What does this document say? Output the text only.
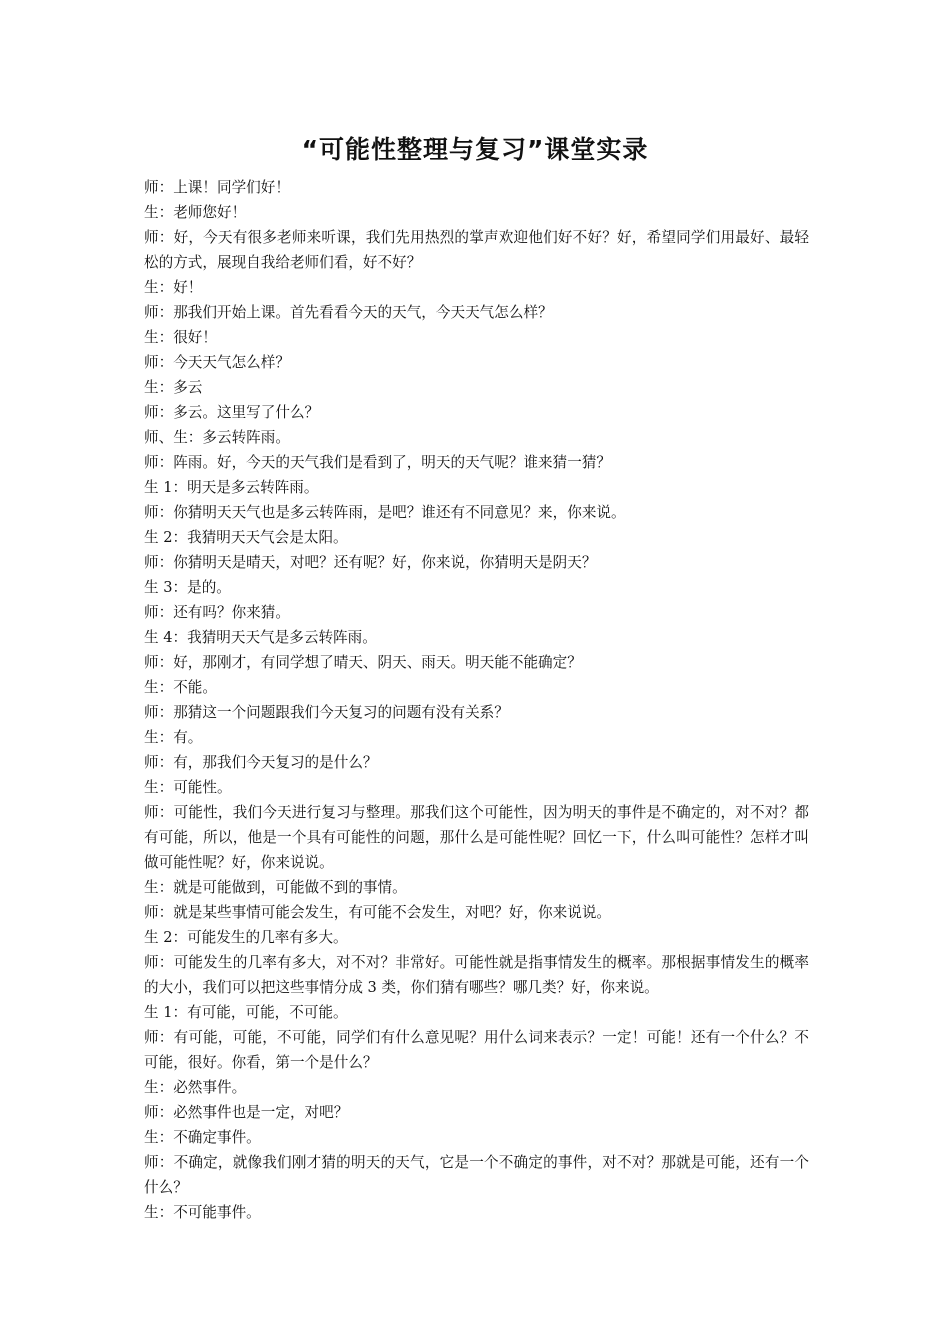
“可能性整理与复习”课堂实录

师：上课！同学们好！

生：老师您好！

师：好，今天有很多老师来听课，我们先用热烈的掌声欢迎他们好不好？好，希望同学们用最好、最轻松的方式，展现自我给老师们看，好不好？

生：好！

师：那我们开始上课。首先看看今天的天气，今天天气怎么样？

生：很好！

师：今天天气怎么样？

生：多云

师：多云。这里写了什么？

师、生：多云转阵雨。

师：阵雨。好，今天的天气我们是看到了，明天的天气呢？谁来猜一猜？

生 1：明天是多云转阵雨。

师：你猜明天天气也是多云转阵雨，是吧？谁还有不同意见？来，你来说。

生 2：我猜明天天气会是太阳。

师：你猜明天是晴天，对吧？还有呢？好，你来说，你猜明天是阴天？

生 3：是的。

师：还有吗？你来猜。

生 4：我猜明天天气是多云转阵雨。

师：好，那刚才，有同学想了晴天、阴天、雨天。明天能不能确定？

生：不能。

师：那猜这一个问题跟我们今天复习的问题有没有关系？

生：有。

师：有，那我们今天复习的是什么？

生：可能性。

师：可能性，我们今天进行复习与整理。那我们这个可能性，因为明天的事件是不确定的，对不对？都有可能，所以，他是一个具有可能性的问题，那什么是可能性呢？回忆一下，什么叫可能性？怎样才叫做可能性呢？好，你来说说。

生：就是可能做到，可能做不到的事情。

师：就是某些事情可能会发生，有可能不会发生，对吧？好，你来说说。

生 2：可能发生的几率有多大。

师：可能发生的几率有多大，对不对？非常好。可能性就是指事情发生的概率。那根据事情发生的概率的大小，我们可以把这些事情分成 3 类，你们猜有哪些？哪几类？好，你来说。

生 1：有可能，可能，不可能。

师：有可能，可能，不可能，同学们有什么意见呢？用什么词来表示？一定！可能！还有一个什么？不可能，很好。你看，第一个是什么？

生：必然事件。

师：必然事件也是一定，对吧？

生：不确定事件。

师：不确定，就像我们刚才猜的明天的天气，它是一个不确定的事件，对不对？那就是可能，还有一个什么？

生：不可能事件。
